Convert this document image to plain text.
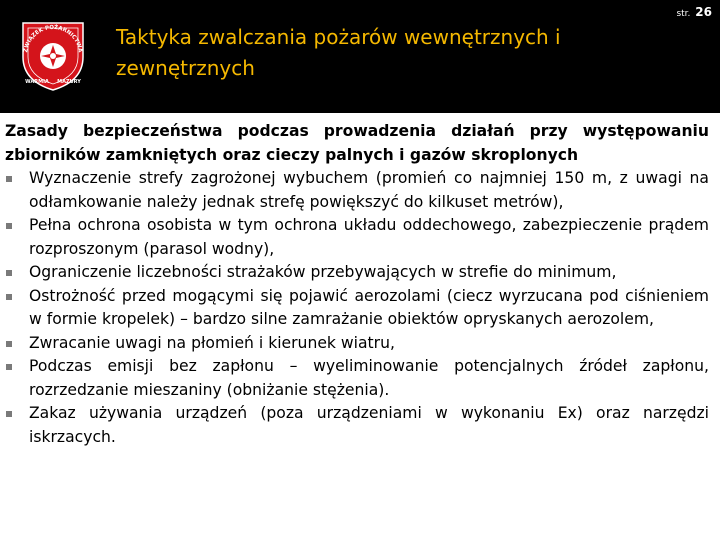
ZWIĄZEK POŻARNICTWA
WARMIA MAZURY
Taktyka zwalczania pożarów wewnętrznych i zewnętrznych
str. 26
Zasady bezpieczeństwa podczas prowadzenia działań przy występowaniu zbiorników zamkniętych oraz cieczy palnych i gazów skroplonych
Wyznaczenie strefy zagrożonej wybuchem (promień co najmniej 150 m, z uwagi na odłamkowanie należy jednak strefę powiększyć do kilkuset metrów),
Pełna ochrona osobista w tym ochrona układu oddechowego, zabezpieczenie prądem rozproszonym (parasol wodny),
Ograniczenie liczebności strażaków przebywających w strefie do minimum,
Ostrożność przed mogącymi się pojawić aerozolami (ciecz wyrzucana pod ciśnieniem w formie kropelek) – bardzo silne zamrażanie obiektów opryskanych aerozolem,
Zwracanie uwagi na płomień i kierunek wiatru,
Podczas emisji bez zapłonu – wyeliminowanie potencjalnych źródeł zapłonu, rozrzedzanie mieszaniny (obniżanie stężenia).
Zakaz używania urządzeń (poza urządzeniami w wykonaniu Ex) oraz narzędzi iskrzacych.
